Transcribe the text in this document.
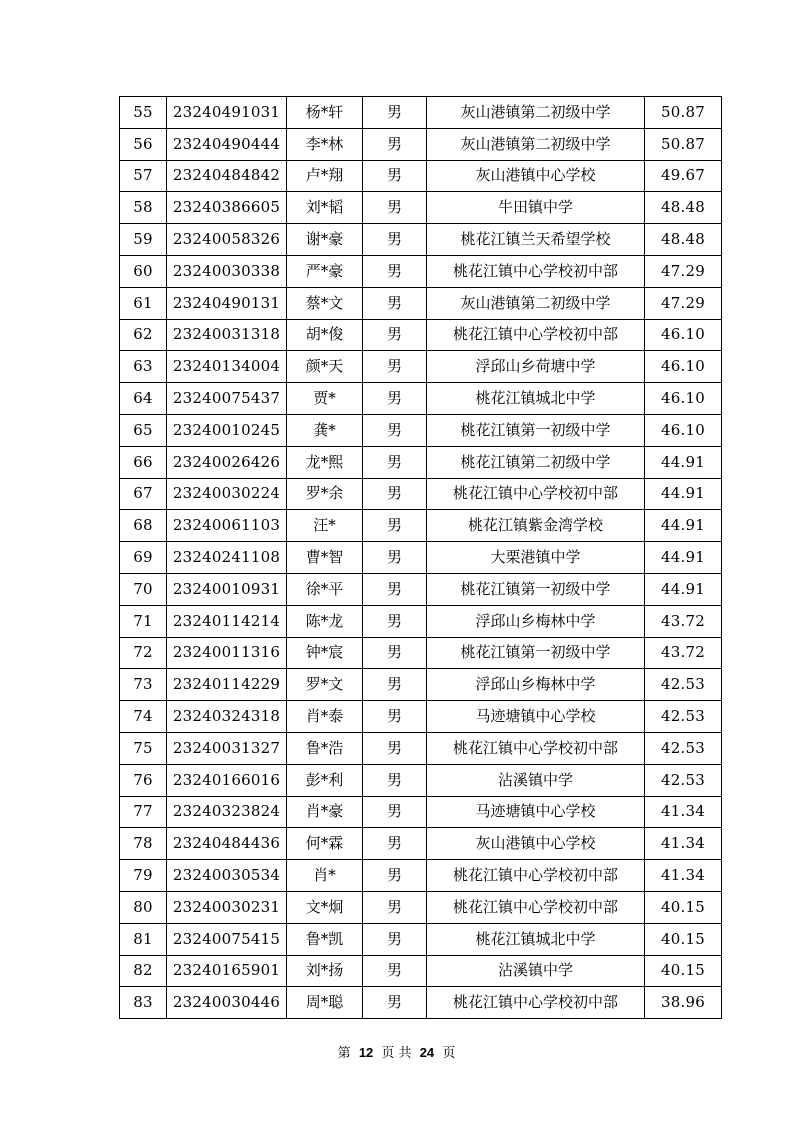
55	23240491031	杨*轩	男	灰山港镇第二初级中学	50.87
56	23240490444	李*林	男	灰山港镇第二初级中学	50.87
57	23240484842	卢*翔	男	灰山港镇中心学校	49.67
58	23240386605	刘*韬	男	牛田镇中学	48.48
59	23240058326	谢*豪	男	桃花江镇兰天希望学校	48.48
60	23240030338	严*豪	男	桃花江镇中心学校初中部	47.29
61	23240490131	蔡*文	男	灰山港镇第二初级中学	47.29
62	23240031318	胡*俊	男	桃花江镇中心学校初中部	46.10
63	23240134004	颜*天	男	浮邱山乡荷塘中学	46.10
64	23240075437	贾*	男	桃花江镇城北中学	46.10
65	23240010245	龚*	男	桃花江镇第一初级中学	46.10
66	23240026426	龙*熙	男	桃花江镇第二初级中学	44.91
67	23240030224	罗*余	男	桃花江镇中心学校初中部	44.91
68	23240061103	汪*	男	桃花江镇紫金湾学校	44.91
69	23240241108	曹*智	男	大栗港镇中学	44.91
70	23240010931	徐*平	男	桃花江镇第一初级中学	44.91
71	23240114214	陈*龙	男	浮邱山乡梅林中学	43.72
72	23240011316	钟*宸	男	桃花江镇第一初级中学	43.72
73	23240114229	罗*文	男	浮邱山乡梅林中学	42.53
74	23240324318	肖*泰	男	马迹塘镇中心学校	42.53
75	23240031327	鲁*浩	男	桃花江镇中心学校初中部	42.53
76	23240166016	彭*利	男	沾溪镇中学	42.53
77	23240323824	肖*豪	男	马迹塘镇中心学校	41.34
78	23240484436	何*霖	男	灰山港镇中心学校	41.34
79	23240030534	肖*	男	桃花江镇中心学校初中部	41.34
80	23240030231	文*炯	男	桃花江镇中心学校初中部	40.15
81	23240075415	鲁*凯	男	桃花江镇城北中学	40.15
82	23240165901	刘*扬	男	沾溪镇中学	40.15
83	23240030446	周*聪	男	桃花江镇中心学校初中部	38.96
第 12 页 共 24 页
